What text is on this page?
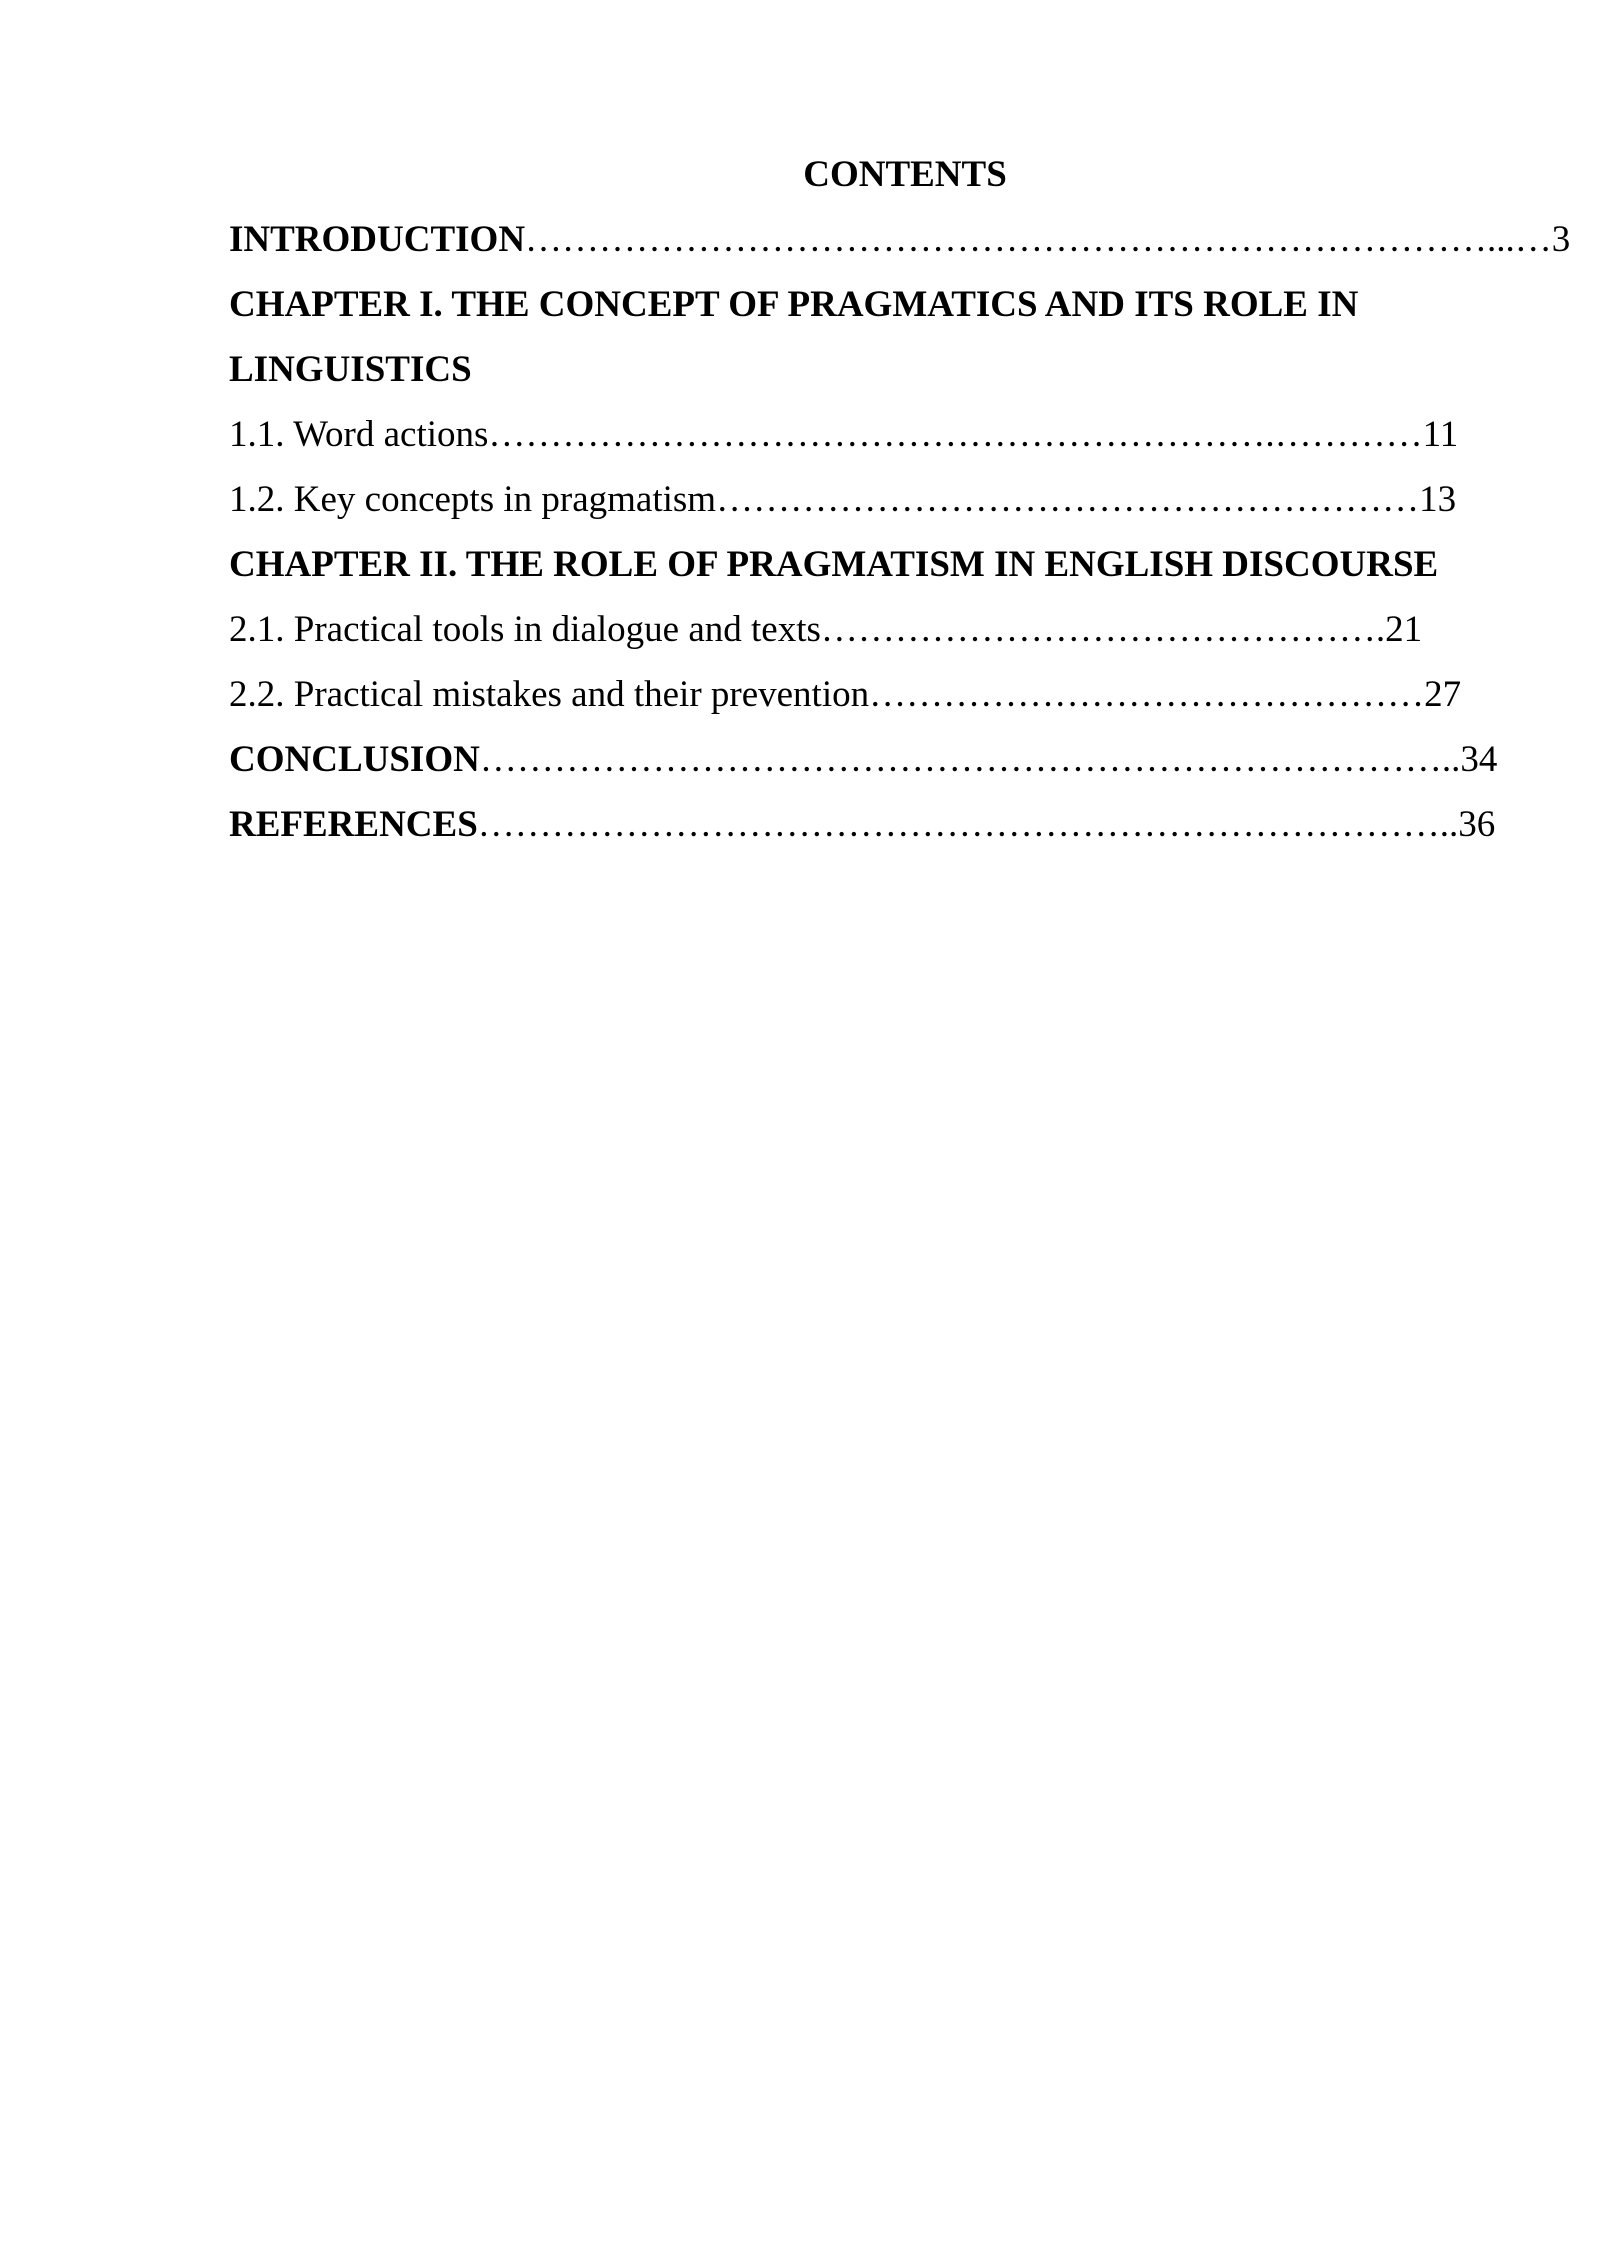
CONTENTS
INTRODUCTION……………………………………………………………………...…3
CHAPTER I. THE CONCEPT OF PRAGMATICS AND ITS ROLE IN
LINGUISTICS
1.1. Word actions……………………………………………………….…………11
1.2. Key concepts in pragmatism…………………………………………………13
CHAPTER II. THE ROLE OF PRAGMATISM IN ENGLISH DISCOURSE
2.1. Practical tools in dialogue and texts……………………………………….21
2.2. Practical mistakes and their prevention………………………………………27
CONCLUSION……………………………………………………………………..34
REFERENCES……………………………………………………………………..36
